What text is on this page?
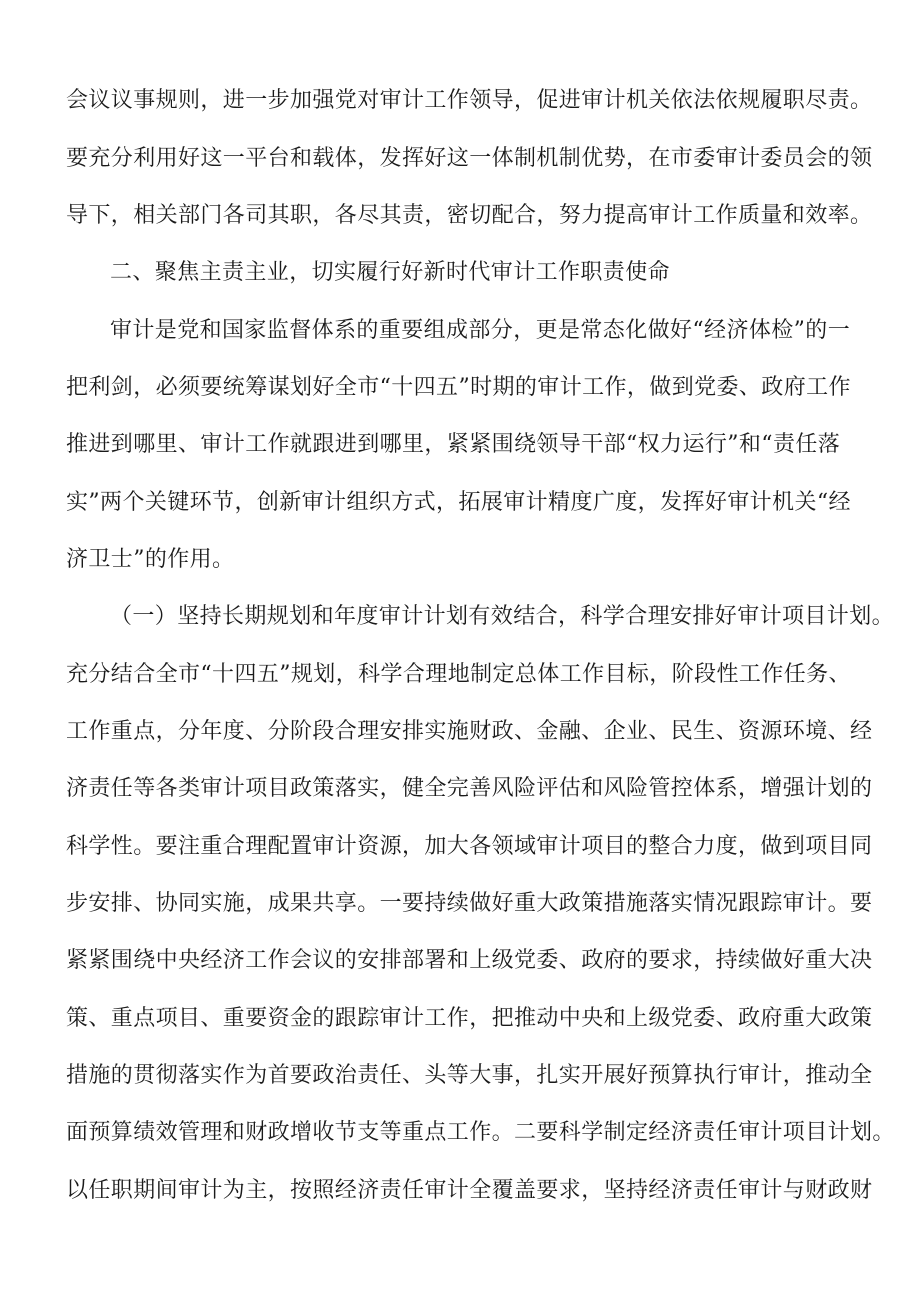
会议议事规则，进一步加强党对审计工作领导，促进审计机关依法依规履职尽责。

要充分利用好这一平台和载体，发挥好这一体制机制优势，在市委审计委员会的领

导下，相关部门各司其职，各尽其责，密切配合，努力提高审计工作质量和效率。

二、聚焦主责主业，切实履行好新时代审计工作职责使命

审计是党和国家监督体系的重要组成部分，更是常态化做好“经济体检”的一

把利剑，必须要统筹谋划好全市“十四五”时期的审计工作，做到党委、政府工作

推进到哪里、审计工作就跟进到哪里，紧紧围绕领导干部“权力运行”和“责任落

实”两个关键环节，创新审计组织方式，拓展审计精度广度，发挥好审计机关“经

济卫士”的作用。

（一）坚持长期规划和年度审计计划有效结合，科学合理安排好审计项目计划。

充分结合全市“十四五”规划，科学合理地制定总体工作目标，阶段性工作任务、

工作重点，分年度、分阶段合理安排实施财政、金融、企业、民生、资源环境、经

济责任等各类审计项目政策落实，健全完善风险评估和风险管控体系，增强计划的

科学性。要注重合理配置审计资源，加大各领域审计项目的整合力度，做到项目同

步安排、协同实施，成果共享。一要持续做好重大政策措施落实情况跟踪审计。要

紧紧围绕中央经济工作会议的安排部署和上级党委、政府的要求，持续做好重大决

策、重点项目、重要资金的跟踪审计工作，把推动中央和上级党委、政府重大政策

措施的贯彻落实作为首要政治责任、头等大事，扎实开展好预算执行审计，推动全

面预算绩效管理和财政增收节支等重点工作。二要科学制定经济责任审计项目计划。

以任职期间审计为主，按照经济责任审计全覆盖要求，坚持经济责任审计与财政财
